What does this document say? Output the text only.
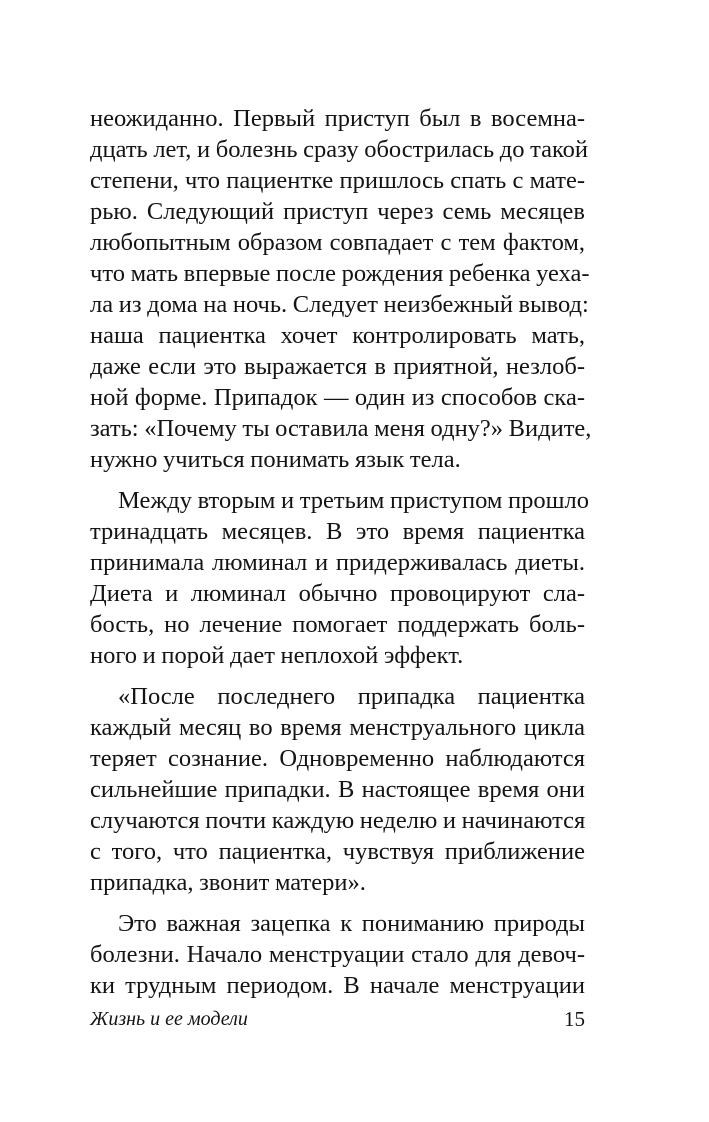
неожиданно. Первый приступ был в восемна-
дцать лет, и болезнь сразу обострилась до такой
степени, что пациентке пришлось спать с мате-
рью. Следующий приступ через семь месяцев
любопытным образом совпадает с тем фактом,
что мать впервые после рождения ребенка уеха-
ла из дома на ночь. Следует неизбежный вывод:
наша пациентка хочет контролировать мать,
даже если это выражается в приятной, незлоб-
ной форме. Припадок — один из способов ска-
зать: «Почему ты оставила меня одну?» Видите,
нужно учиться понимать язык тела.
Между вторым и третьим приступом прошло
тринадцать месяцев. В это время пациентка
принимала люминал и придерживалась диеты.
Диета и люминал обычно провоцируют сла-
бость, но лечение помогает поддержать боль-
ного и порой дает неплохой эффект.
«После последнего припадка пациентка
каждый месяц во время менструального цикла
теряет сознание. Одновременно наблюдаются
сильнейшие припадки. В настоящее время они
случаются почти каждую неделю и начинаются
с того, что пациентка, чувствуя приближение
припадка, звонит матери».
Это важная зацепка к пониманию природы
болезни. Начало менструации стало для девоч-
ки трудным периодом. В начале менструации
Жизнь и ее модели	15
